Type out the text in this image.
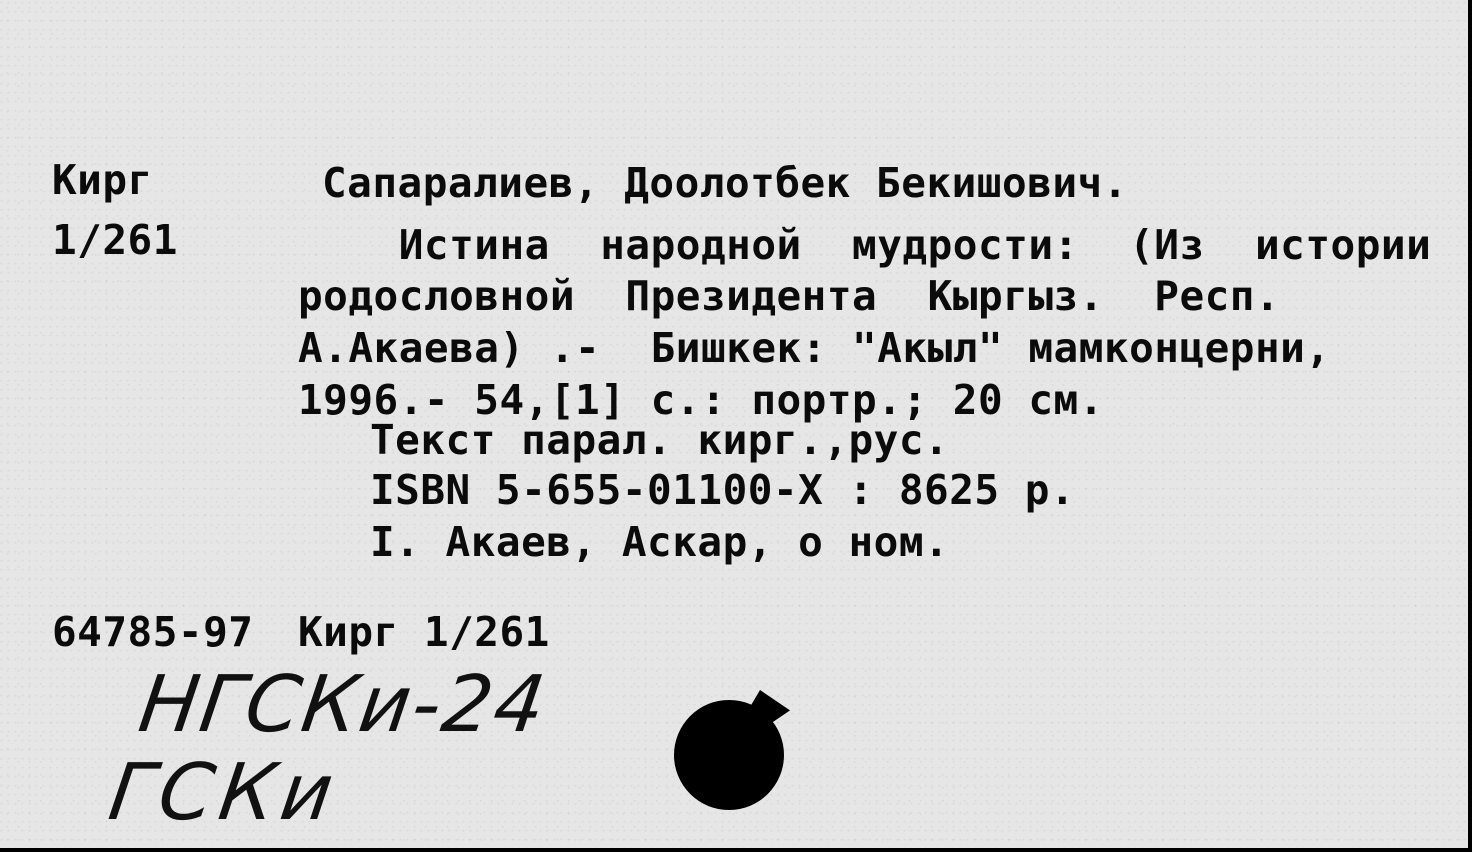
Кирг
1/261
Сапаралиев, Доолотбек Бекишович.
Истина  народной  мудрости:  (Из  истории
родословной  Президента  Кыргыз.  Респ.
А.Акаева) .-  Бишкек: "Акыл" мамконцерни,
1996.- 54,[1] с.: портр.; 20 см.
Текст парал. кирг.,рус.
ISBN 5-655-01100-X : 8625 р.
I. Акаев, Аскар, о ном.
64785-97 Кирг 1/261
НГСКи-24
ГСКи
